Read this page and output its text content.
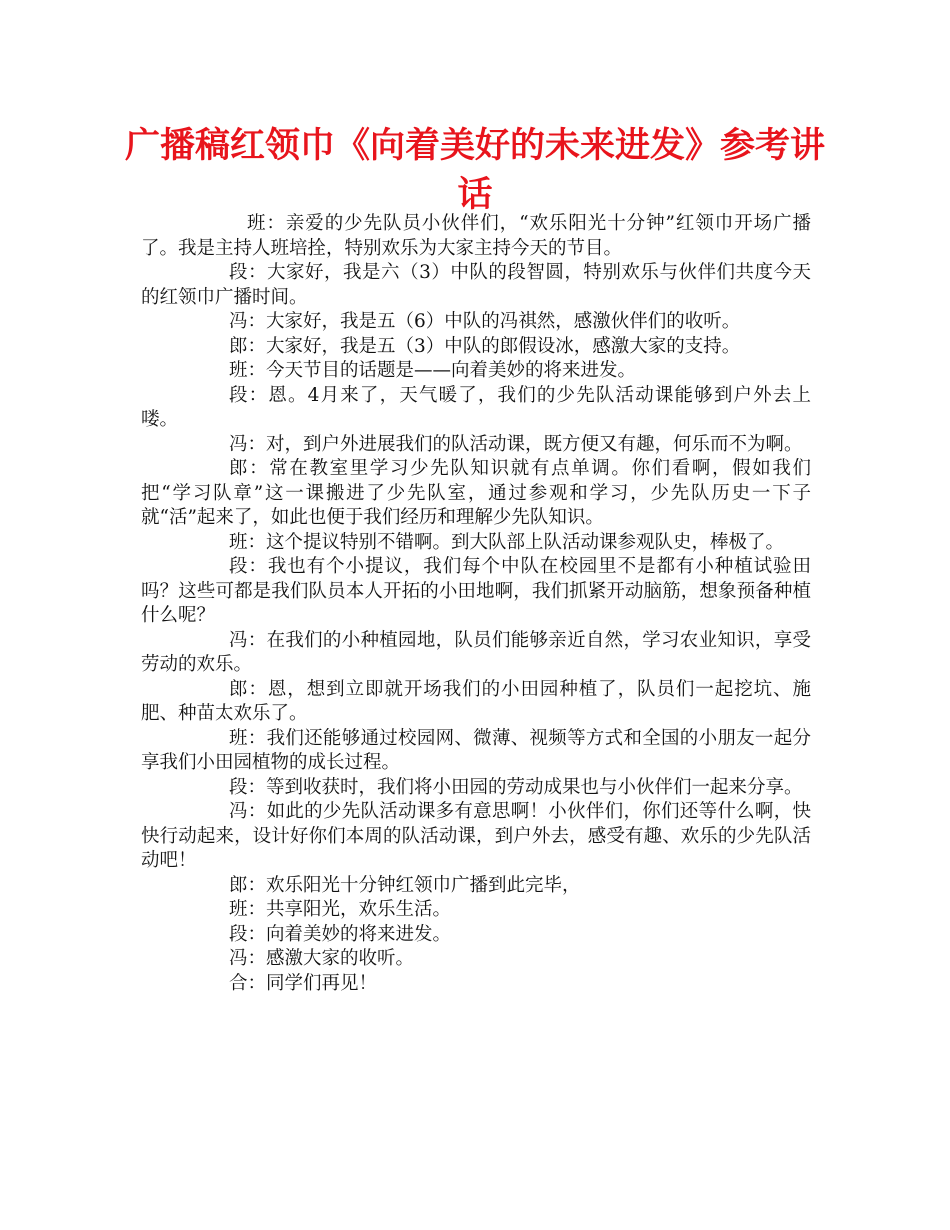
广播稿红领巾《向着美好的未来进发》参考讲话

班：亲爱的少先队员小伙伴们，“欢乐阳光十分钟”红领巾开场广播了。我是主持人班培拴，特别欢乐为大家主持今天的节目。

段：大家好，我是六（3）中队的段智圆，特别欢乐与伙伴们共度今天的红领巾广播时间。

冯：大家好，我是五（6）中队的冯祺然，感激伙伴们的收听。

郎：大家好，我是五（3）中队的郎假设冰，感激大家的支持。

班：今天节目的话题是——向着美妙的将来进发。

段：恩。4月来了，天气暖了，我们的少先队活动课能够到户外去上喽。

冯：对，到户外进展我们的队活动课，既方便又有趣，何乐而不为啊。

郎：常在教室里学习少先队知识就有点单调。你们看啊，假如我们把“学习队章”这一课搬进了少先队室，通过参观和学习，少先队历史一下子就“活”起来了，如此也便于我们经历和理解少先队知识。

班：这个提议特别不错啊。到大队部上队活动课参观队史，棒极了。

段：我也有个小提议，我们每个中队在校园里不是都有小种植试验田吗？这些可都是我们队员本人开拓的小田地啊，我们抓紧开动脑筋，想象预备种植什么呢？

冯：在我们的小种植园地，队员们能够亲近自然，学习农业知识，享受劳动的欢乐。

郎：恩，想到立即就开场我们的小田园种植了，队员们一起挖坑、施肥、种苗太欢乐了。

班：我们还能够通过校园网、微薄、视频等方式和全国的小朋友一起分享我们小田园植物的成长过程。

段：等到收获时，我们将小田园的劳动成果也与小伙伴们一起来分享。

冯：如此的少先队活动课多有意思啊！小伙伴们，你们还等什么啊，快快行动起来，设计好你们本周的队活动课，到户外去，感受有趣、欢乐的少先队活动吧！

郎：欢乐阳光十分钟红领巾广播到此完毕，

班：共享阳光，欢乐生活。

段：向着美妙的将来进发。

冯：感激大家的收听。

合：同学们再见！
